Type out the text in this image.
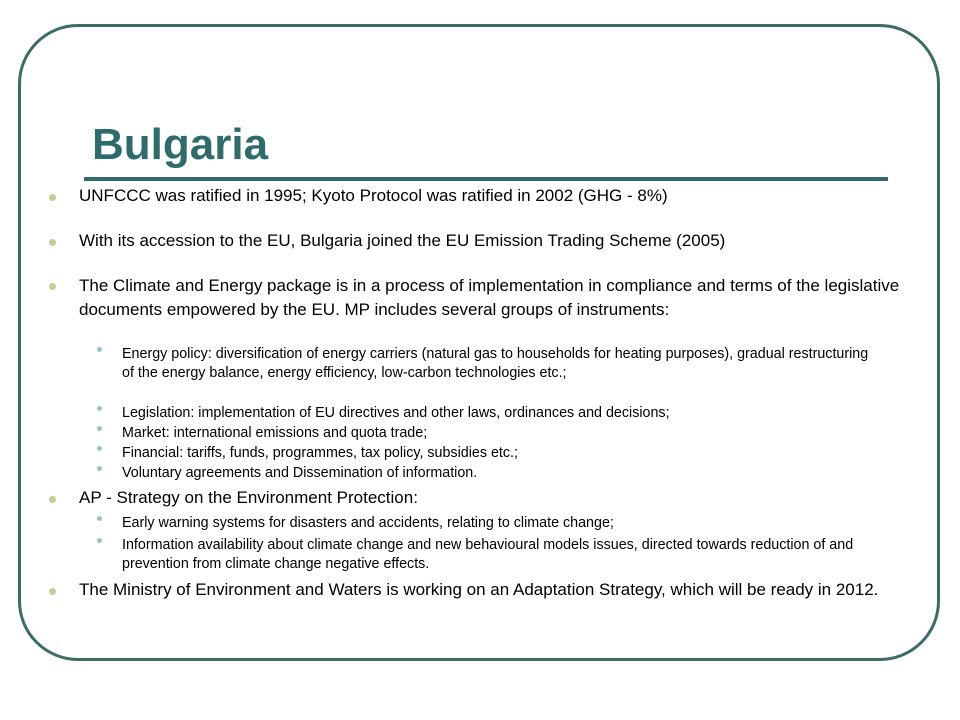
Bulgaria
UNFCCC was ratified in 1995; Kyoto Protocol was ratified in 2002 (GHG - 8%)
With its accession to the EU, Bulgaria joined the EU Emission Trading Scheme (2005)
The Climate and Energy package is in a process of implementation in compliance and terms of the legislative documents empowered by the EU. MP includes several groups of instruments:
Energy policy: diversification of energy carriers (natural gas to households for heating purposes), gradual restructuring of the energy balance, energy efficiency, low-carbon technologies etc.;
Legislation: implementation of EU directives and other laws, ordinances and decisions;
Market: international emissions and quota trade;
Financial: tariffs, funds, programmes, tax policy, subsidies etc.;
Voluntary agreements and Dissemination of information.
AP - Strategy on the Environment Protection:
Early warning systems for disasters and accidents, relating to climate change;
Information availability about climate change and new behavioural models issues, directed towards reduction of and prevention from climate change negative effects.
The Ministry of Environment and Waters is working on an Adaptation Strategy, which will be ready in 2012.
